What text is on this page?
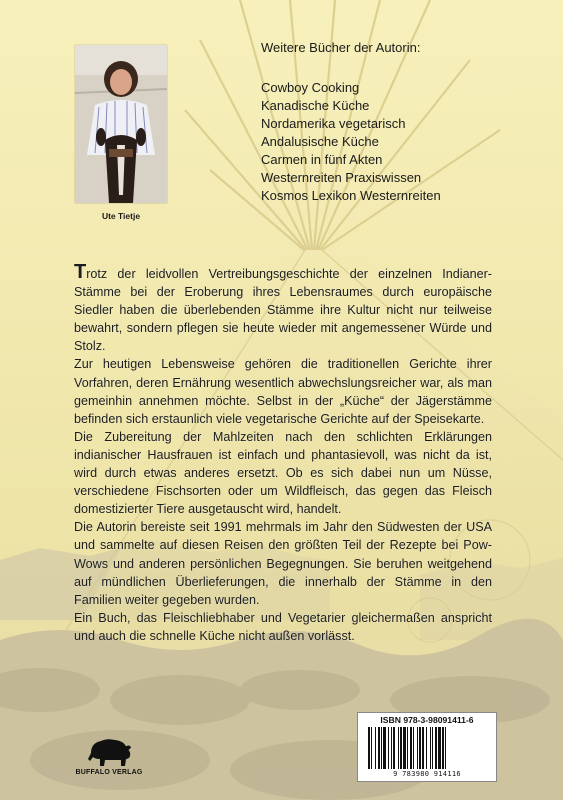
Ute Tietje
Weitere Bücher der Autorin:
Cowboy Cooking
Kanadische Küche
Nordamerika vegetarisch
Andalusische Küche
Carmen in fünf Akten
Westernreiten Praxiswissen
Kosmos Lexikon Westernreiten

Trotz der leidvollen Vertreibungsgeschichte der einzelnen Indianer-Stämme bei der Eroberung ihres Lebensraumes durch europäische Siedler haben die überlebenden Stämme ihre Kultur nicht nur teilweise bewahrt, sondern pflegen sie heute wieder mit angemessener Würde und Stolz.

Zur heutigen Lebensweise gehören die traditionellen Gerichte ihrer Vorfahren, deren Ernährung wesentlich abwechslungsreicher war, als man gemeinhin annehmen möchte. Selbst in der „Küche“ der Jägerstämme befinden sich erstaunlich viele vegetarische Gerichte auf der Speisekarte.

Die Zubereitung der Mahlzeiten nach den schlichten Erklärungen indianischer Hausfrauen ist einfach und phantasievoll, was nicht da ist, wird durch etwas anderes ersetzt. Ob es sich dabei nun um Nüsse, verschiedene Fischsorten oder um Wildfleisch, das gegen das Fleisch domestizierter Tiere ausgetauscht wird, handelt.

Die Autorin bereiste seit 1991 mehrmals im Jahr den Südwesten der USA und sammelte auf diesen Reisen den größten Teil der Rezepte bei Pow-Wows und anderen persönlichen Begegnungen. Sie beruhen weitgehend auf mündlichen Überlieferungen, die innerhalb der Stämme in den Familien weiter gegeben wurden.

Ein Buch, das Fleischliebhaber und Vegetarier gleichermaßen anspricht und auch die schnelle Küche nicht außen vorlässt.

ISBN 978-3-98091411-6
9 783980 914116
BUFFALO VERLAG
